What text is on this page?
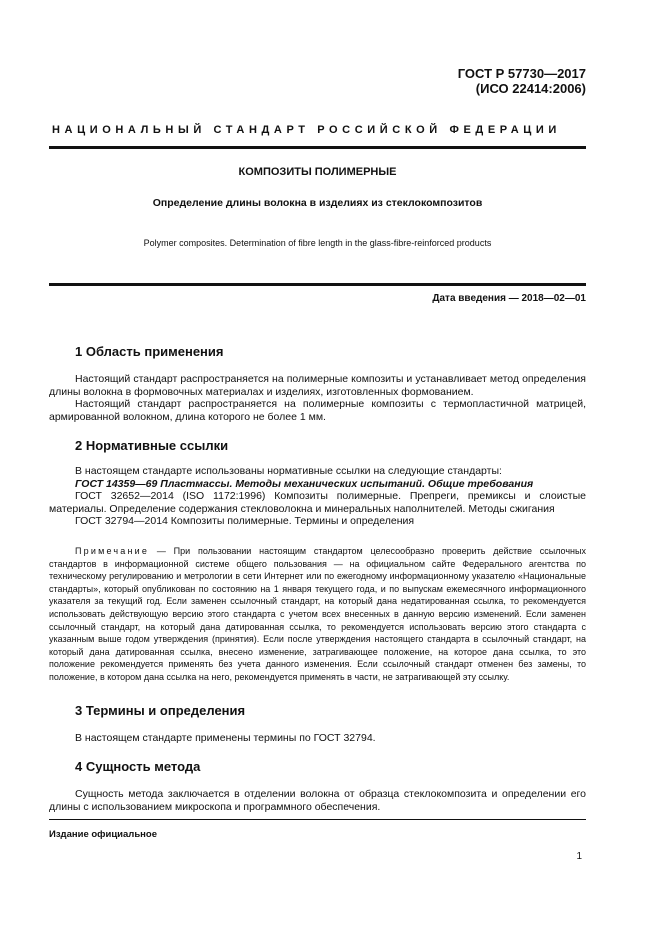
ГОСТ Р 57730—2017
(ИСО 22414:2006)
НАЦИОНАЛЬНЫЙ СТАНДАРТ РОССИЙСКОЙ ФЕДЕРАЦИИ
КОМПОЗИТЫ ПОЛИМЕРНЫЕ
Определение длины волокна в изделиях из стеклокомпозитов
Polymer composites. Determination of fibre length in the glass-fibre-reinforced products
Дата введения — 2018—02—01
1 Область применения
Настоящий стандарт распространяется на полимерные композиты и устанавливает метод определения длины волокна в формовочных материалах и изделиях, изготовленных формованием.
Настоящий стандарт распространяется на полимерные композиты с термопластичной матрицей, армированной волокном, длина которого не более 1 мм.
2 Нормативные ссылки
В настоящем стандарте использованы нормативные ссылки на следующие стандарты:
ГОСТ 14359—69 Пластмассы. Методы механических испытаний. Общие требования
ГОСТ 32652—2014 (ISO 1172:1996) Композиты полимерные. Препреги, премиксы и слоистые материалы. Определение содержания стекловолокна и минеральных наполнителей. Методы сжигания
ГОСТ 32794—2014 Композиты полимерные. Термины и определения
Примечание — При пользовании настоящим стандартом целесообразно проверить действие ссылочных стандартов в информационной системе общего пользования — на официальном сайте Федерального агентства по техническому регулированию и метрологии в сети Интернет или по ежегодному информационному указателю «Национальные стандарты», который опубликован по состоянию на 1 января текущего года, и по выпускам ежемесячного информационного указателя за текущий год. Если заменен ссылочный стандарт, на который дана недатированная ссылка, то рекомендуется использовать действующую версию этого стандарта с учетом всех внесенных в данную версию изменений. Если заменен ссылочный стандарт, на который дана датированная ссылка, то рекомендуется использовать версию этого стандарта с указанным выше годом утверждения (принятия). Если после утверждения настоящего стандарта в ссылочный стандарт, на который дана датированная ссылка, внесено изменение, затрагивающее положение, на которое дана ссылка, то это положение рекомендуется применять без учета данного изменения. Если ссылочный стандарт отменен без замены, то положение, в котором дана ссылка на него, рекомендуется применять в части, не затрагивающей эту ссылку.
3 Термины и определения
В настоящем стандарте применены термины по ГОСТ 32794.
4 Сущность метода
Сущность метода заключается в отделении волокна от образца стеклокомпозита и определении его длины с использованием микроскопа и программного обеспечения.
Издание официальное
1
